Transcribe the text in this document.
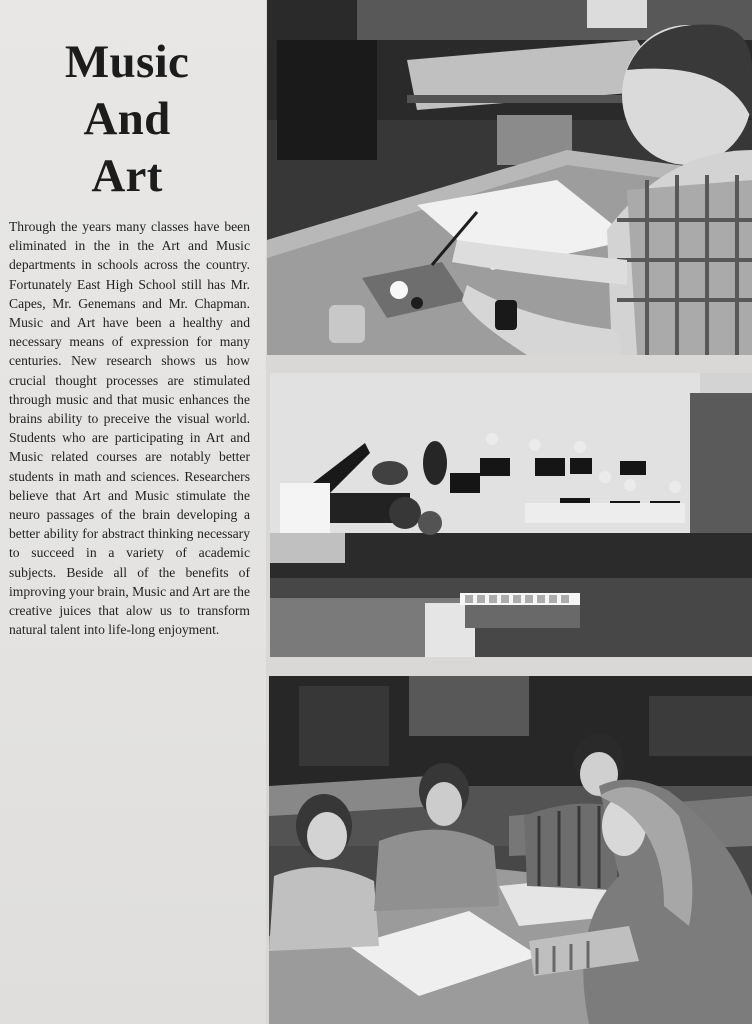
Music
And
Art
Through the years many classes have been eliminated in the in the Art and Music departments in schools across the country. Fortunately East High School still has Mr. Capes, Mr. Genemans and Mr. Chapman. Music and Art have been a healthy and necessary means of expression for many centuries. New research shows us how crucial thought processes are stimulated through music and that music enhances the brains ability to preceive the visual world. Students who are participating in Art and Music related courses are notably better students in math and sciences. Researchers believe that Art and Music stimulate the neuro passages of the brain developing a better ability for abstract thinking necessary to succeed in a variety of academic subjects. Beside all of the benefits of improving your brain, Music and Art are the creative juices that alow us to transform natural talent into life-long enjoyment.
